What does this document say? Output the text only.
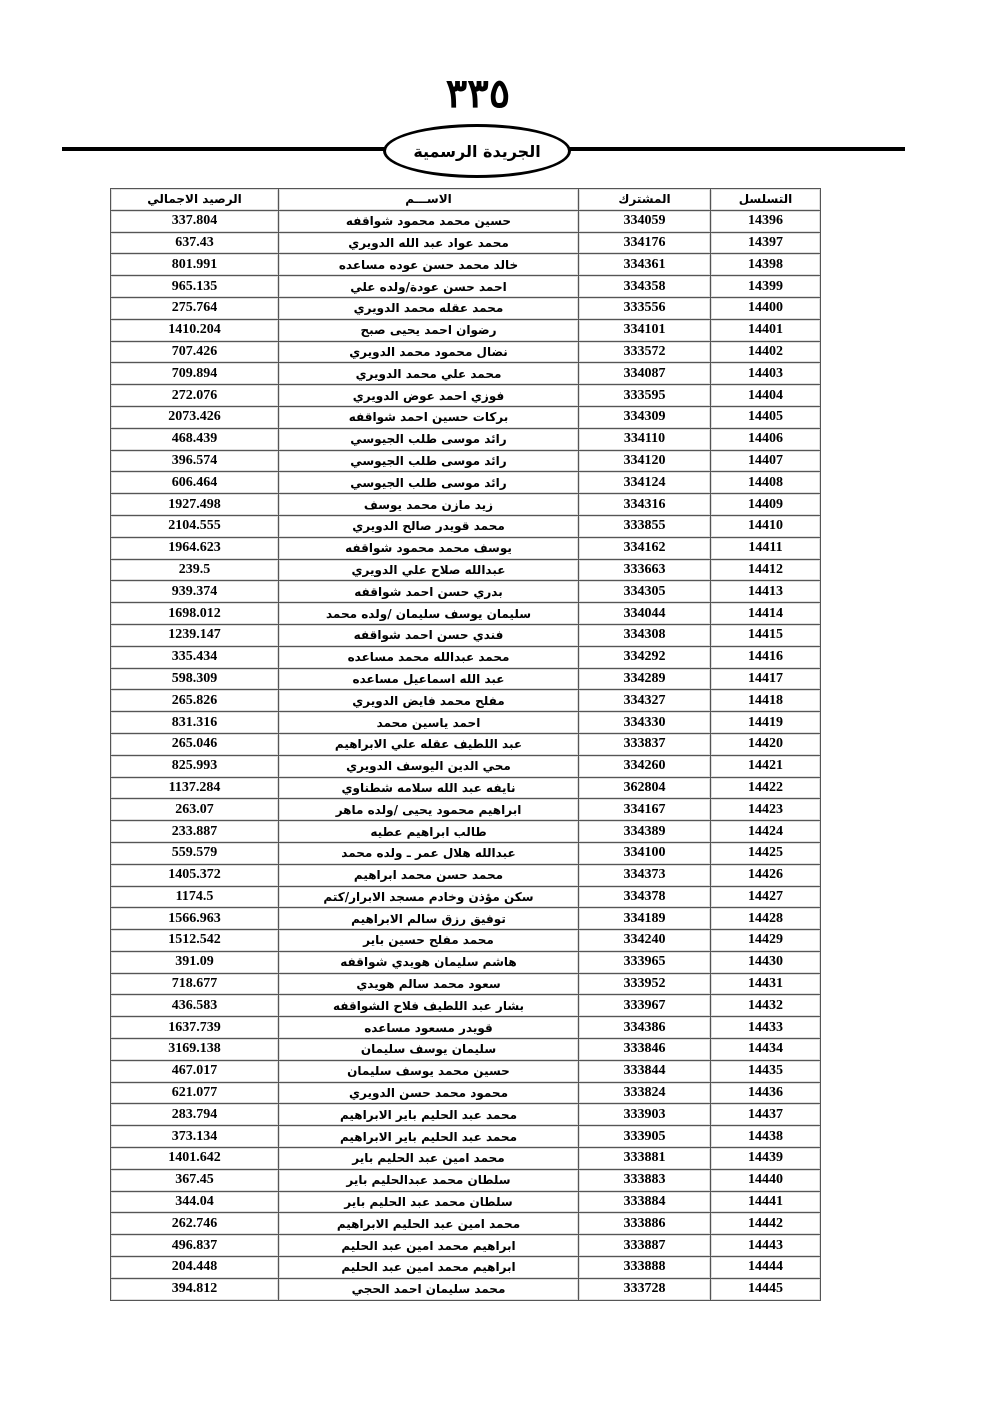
٣٣٥
الجريدة الرسمية
التسلسل	المشترك	الاســـم	الرصيد الاجمالي
14396	334059	حسين محمد محمود شواقفه	337.804
14397	334176	محمد عواد عبد الله الدويري	637.43
14398	334361	خالد محمد حسن عوده مساعده	801.991
14399	334358	احمد حسن عودة/ولده علي	965.135
14400	333556	محمد عقله محمد الدويري	275.764
14401	334101	رضوان احمد يحيى صبح	1410.204
14402	333572	نضال محمود محمد الدويري	707.426
14403	334087	محمد علي محمد الدويري	709.894
14404	333595	فوزي احمد عوض الدويري	272.076
14405	334309	بركات حسين احمد شواقفه	2073.426
14406	334110	رائد موسى طلب الجيوسي	468.439
14407	334120	رائد موسى طلب الجيوسي	396.574
14408	334124	رائد موسى طلب الجيوسي	606.464
14409	334316	زيد مازن محمد يوسف	1927.498
14410	333855	محمد قويدر صالح الدويري	2104.555
14411	334162	يوسف محمد محمود شواقفه	1964.623
14412	333663	عبدالله صلاح علي الدويري	239.5
14413	334305	بدري حسن احمد شواقفه	939.374
14414	334044	سليمان يوسف سليمان /ولده محمد	1698.012
14415	334308	فندي حسن احمد شواقفه	1239.147
14416	334292	محمد عبدالله محمد مساعده	335.434
14417	334289	عبد الله اسماعيل مساعده	598.309
14418	334327	مفلح محمد فايض الدويري	265.826
14419	334330	احمد ياسين محمد	831.316
14420	333837	عبد اللطيف عقله علي الابراهيم	265.046
14421	334260	محي الدين اليوسف الدويري	825.993
14422	362804	نايفه عبد الله سلامه شطناوي	1137.284
14423	334167	ابراهيم محمود يحيى /ولده ماهر	263.07
14424	334389	طالب ابراهيم عطيه	233.887
14425	334100	عبدالله هلال عمر ـ ولده محمد	559.579
14426	334373	محمد حسن محمد ابراهيم	1405.372
14427	334378	سكن مؤذن وخادم مسجد الابرار/كتم	1174.5
14428	334189	توفيق رزق سالم الابراهيم	1566.963
14429	334240	محمد مفلح حسين باير	1512.542
14430	333965	هاشم سليمان هويدي شواقفه	391.09
14431	333952	سعود محمد سالم هويدي	718.677
14432	333967	بشار عبد اللطيف فلاح الشواقفه	436.583
14433	334386	قويدر مسعود مساعده	1637.739
14434	333846	سليمان يوسف سليمان	3169.138
14435	333844	حسين محمد يوسف سليمان	467.017
14436	333824	محمود محمد حسن الدويري	621.077
14437	333903	محمد عبد الحليم باير الابراهيم	283.794
14438	333905	محمد عبد الحليم باير الابراهيم	373.134
14439	333881	محمد امين عبد الحليم باير	1401.642
14440	333883	سلطان محمد عبدالحليم باير	367.45
14441	333884	سلطان محمد عبد الحليم باير	344.04
14442	333886	محمد امين عبد الحليم الابراهيم	262.746
14443	333887	ابراهيم محمد امين عبد الحليم	496.837
14444	333888	ابراهيم محمد امين عبد الحليم	204.448
14445	333728	محمد سليمان احمد الحجي	394.812
